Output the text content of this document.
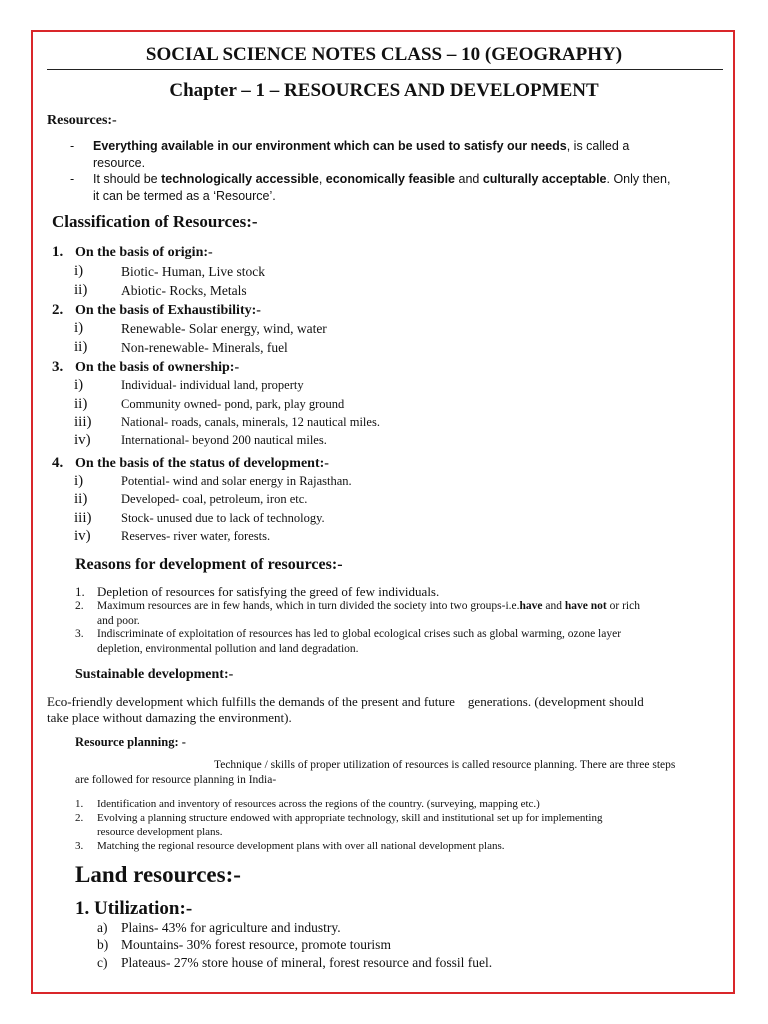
SOCIAL SCIENCE NOTES CLASS – 10 (GEOGRAPHY)
Chapter – 1 – RESOURCES AND DEVELOPMENT
Resources:-
- Everything available in our environment which can be used to satisfy our needs, is called a
resource.
- It should be technologically accessible, economically feasible and culturally acceptable. Only then,
it can be termed as a ‘Resource’.
Classification of Resources:-
1. On the basis of origin:-
i)	Biotic- Human, Live stock
ii) Abiotic- Rocks, Metals
2. On the basis of Exhaustibility:-
i)	Renewable- Solar energy, wind, water
ii) Non-renewable- Minerals, fuel
3. On the basis of ownership:-
i)	Individual- individual land, property
ii)	Community owned- pond, park, play ground
iii) National- roads, canals, minerals, 12 nautical miles.
iv) International- beyond 200 nautical miles.
4. On the basis of the status of development:-
i)	Potential- wind and solar energy in Rajasthan.
ii)	Developed- coal, petroleum, iron etc.
iii) Stock- unused due to lack of technology.
iv) Reserves- river water, forests.
Reasons for development of resources:-
1. Depletion of resources for satisfying the greed of few individuals.
2. Maximum resources are in few hands, which in turn divided the society into two groups-i.e.have and have not or rich
and poor.
3. Indiscriminate of exploitation of resources has led to global ecological crises such as global warming, ozone layer
depletion, environmental pollution and land degradation.
Sustainable development:-
Eco-friendly development which fulfills the demands of the present and future    generations. (development should
take place without damazing the environment).
Resource planning: -
Technique / skills of proper utilization of resources is called resource planning. There are three steps
are followed for resource planning in India-
1. Identification and inventory of resources across the regions of the country. (surveying, mapping etc.)
2. Evolving a planning structure endowed with appropriate technology, skill and institutional set up for implementing
resource development plans.
3. Matching the regional resource development plans with over all national development plans.
Land resources:-
1. Utilization:-
a) Plains- 43% for agriculture and industry.
b) Mountains- 30% forest resource, promote tourism
c) Plateaus- 27% store house of mineral, forest resource and fossil fuel.
